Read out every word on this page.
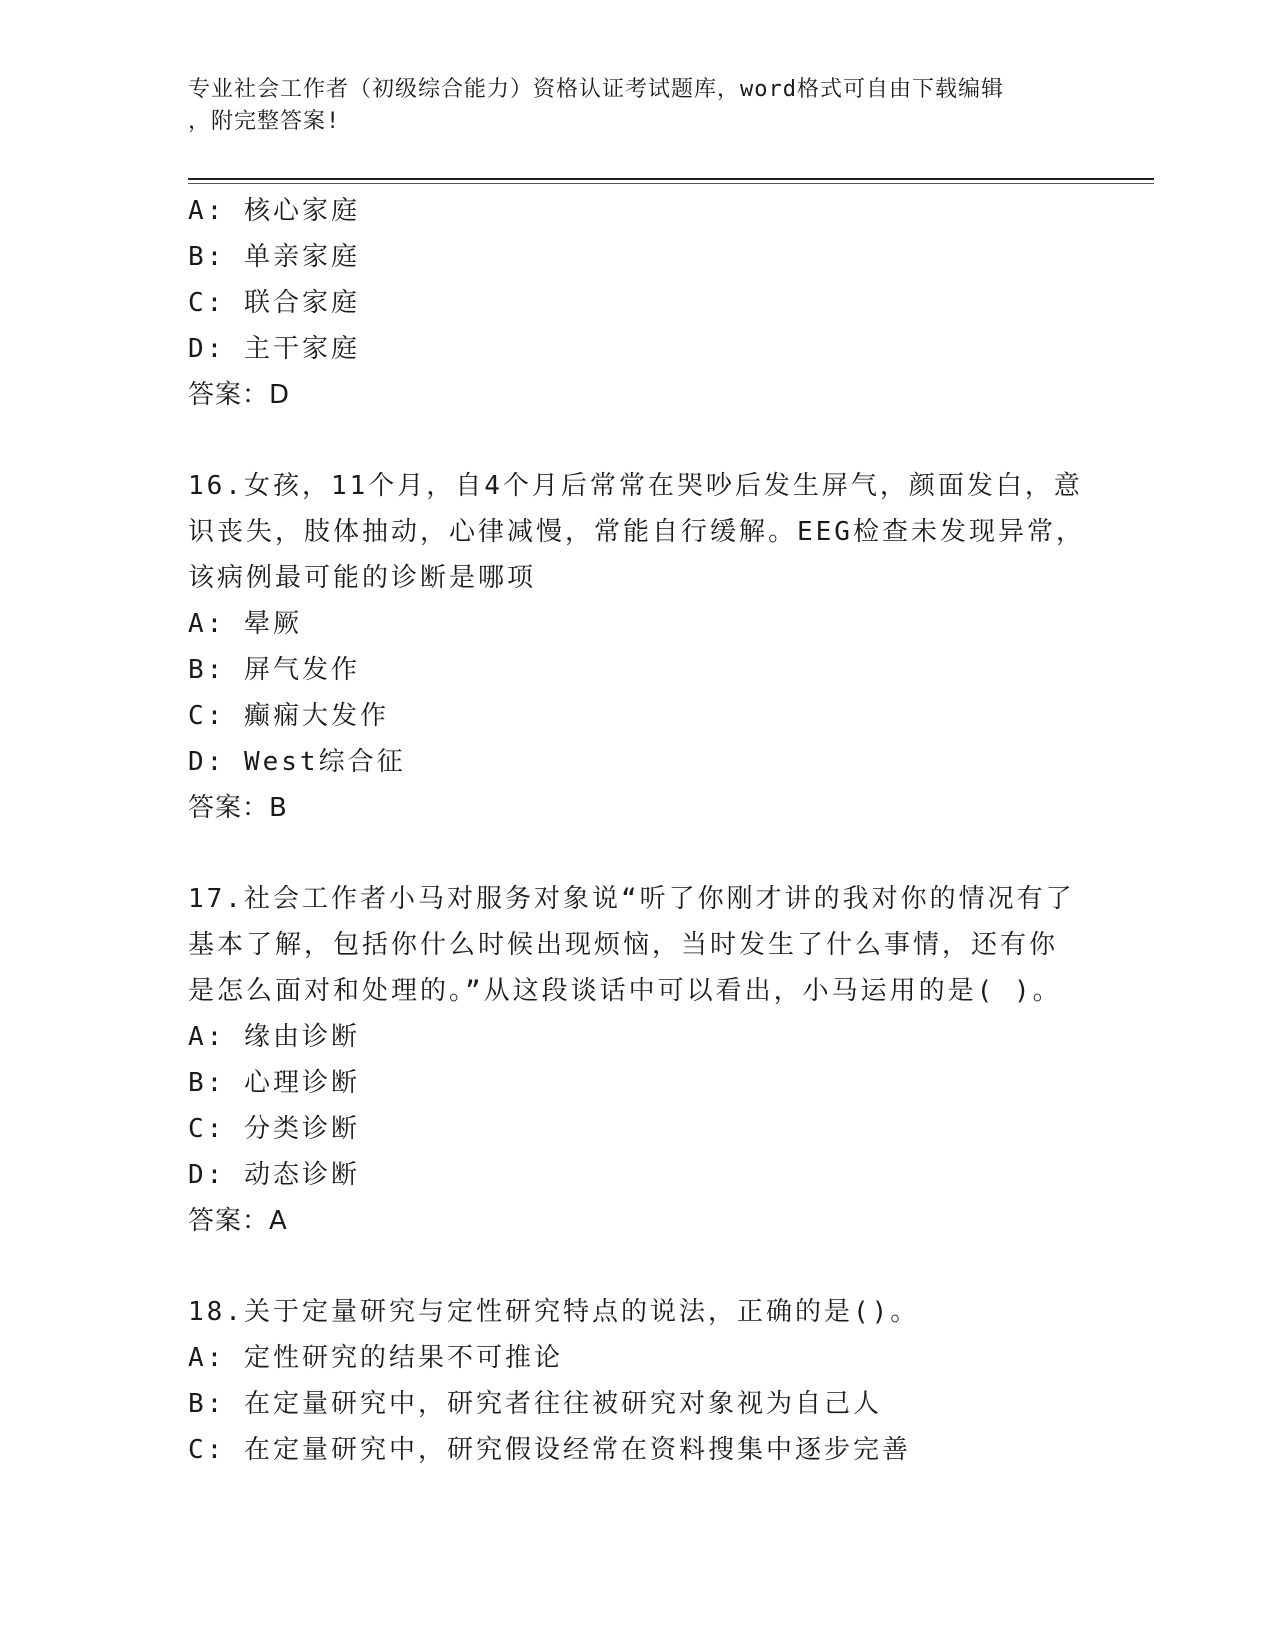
专业社会工作者（初级综合能力）资格认证考试题库，word格式可自由下载编辑
，附完整答案!
A: 核心家庭
B: 单亲家庭
C: 联合家庭
D: 主干家庭
答案：D
16.女孩，11个月，自4个月后常常在哭吵后发生屏气，颜面发白，意
识丧失，肢体抽动，心律减慢，常能自行缓解。EEG检查未发现异常，
该病例最可能的诊断是哪项
A: 晕厥
B: 屏气发作
C: 癫痫大发作
D: West综合征
答案：B
17.社会工作者小马对服务对象说“听了你刚才讲的我对你的情况有了
基本了解，包括你什么时候出现烦恼，当时发生了什么事情，还有你
是怎么面对和处理的。”从这段谈话中可以看出，小马运用的是( )。
A: 缘由诊断
B: 心理诊断
C: 分类诊断
D: 动态诊断
答案：A
18.关于定量研究与定性研究特点的说法，正确的是()。
A: 定性研究的结果不可推论
B: 在定量研究中，研究者往往被研究对象视为自己人
C: 在定量研究中，研究假设经常在资料搜集中逐步完善
